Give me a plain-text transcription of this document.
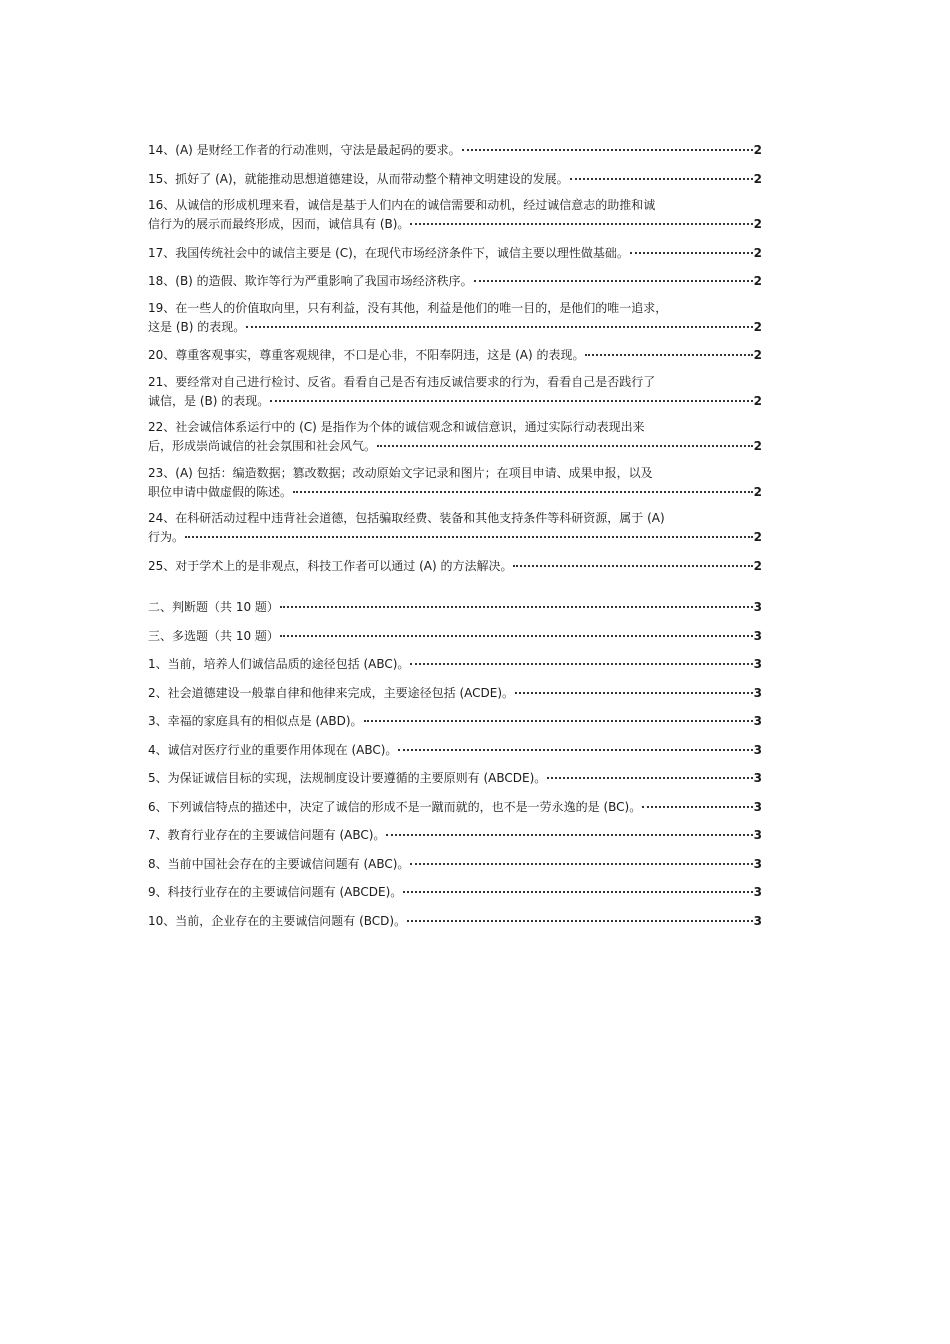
14、(A) 是财经工作者的行动准则，守法是最起码的要求。	2
15、抓好了 (A)，就能推动思想道德建设，从而带动整个精神文明建设的发展。	2
16、从诚信的形成机理来看，诚信是基于人们内在的诚信需要和动机，经过诚信意志的助推和诚
信行为的展示而最终形成，因而，诚信具有 (B)。	2
17、我国传统社会中的诚信主要是 (C)，在现代市场经济条件下，诚信主要以理性做基础。	2
18、(B) 的造假、欺诈等行为严重影响了我国市场经济秩序。	2
19、在一些人的价值取向里，只有利益，没有其他，利益是他们的唯一目的，是他们的唯一追求，
这是 (B) 的表现。	2
20、尊重客观事实，尊重客观规律，不口是心非，不阳奉阴违，这是 (A) 的表现。	2
21、要经常对自己进行检讨、反省。看看自己是否有违反诚信要求的行为，看看自己是否践行了
诚信，是 (B) 的表现。	2
22、社会诚信体系运行中的 (C) 是指作为个体的诚信观念和诚信意识，通过实际行动表现出来
后，形成崇尚诚信的社会氛围和社会风气。	2
23、(A) 包括：编造数据；篡改数据；改动原始文字记录和图片；在项目申请、成果申报，以及
职位申请中做虚假的陈述。	2
24、在科研活动过程中违背社会道德，包括骗取经费、装备和其他支持条件等科研资源，属于 (A)
行为。	2
25、对于学术上的是非观点，科技工作者可以通过 (A) 的方法解决。	2
二、判断题（共 10 题）	3
三、多选题（共 10 题）	3
1、当前，培养人们诚信品质的途径包括 (ABC)。	3
2、社会道德建设一般靠自律和他律来完成，主要途径包括 (ACDE)。	3
3、幸福的家庭具有的相似点是 (ABD)。	3
4、诚信对医疗行业的重要作用体现在 (ABC)。	3
5、为保证诚信目标的实现，法规制度设计要遵循的主要原则有 (ABCDE)。	3
6、下列诚信特点的描述中，决定了诚信的形成不是一蹴而就的，也不是一劳永逸的是 (BC)。	3
7、教育行业存在的主要诚信问题有 (ABC)。	3
8、当前中国社会存在的主要诚信问题有 (ABC)。	3
9、科技行业存在的主要诚信问题有 (ABCDE)。	3
10、当前，企业存在的主要诚信问题有 (BCD)。	3
